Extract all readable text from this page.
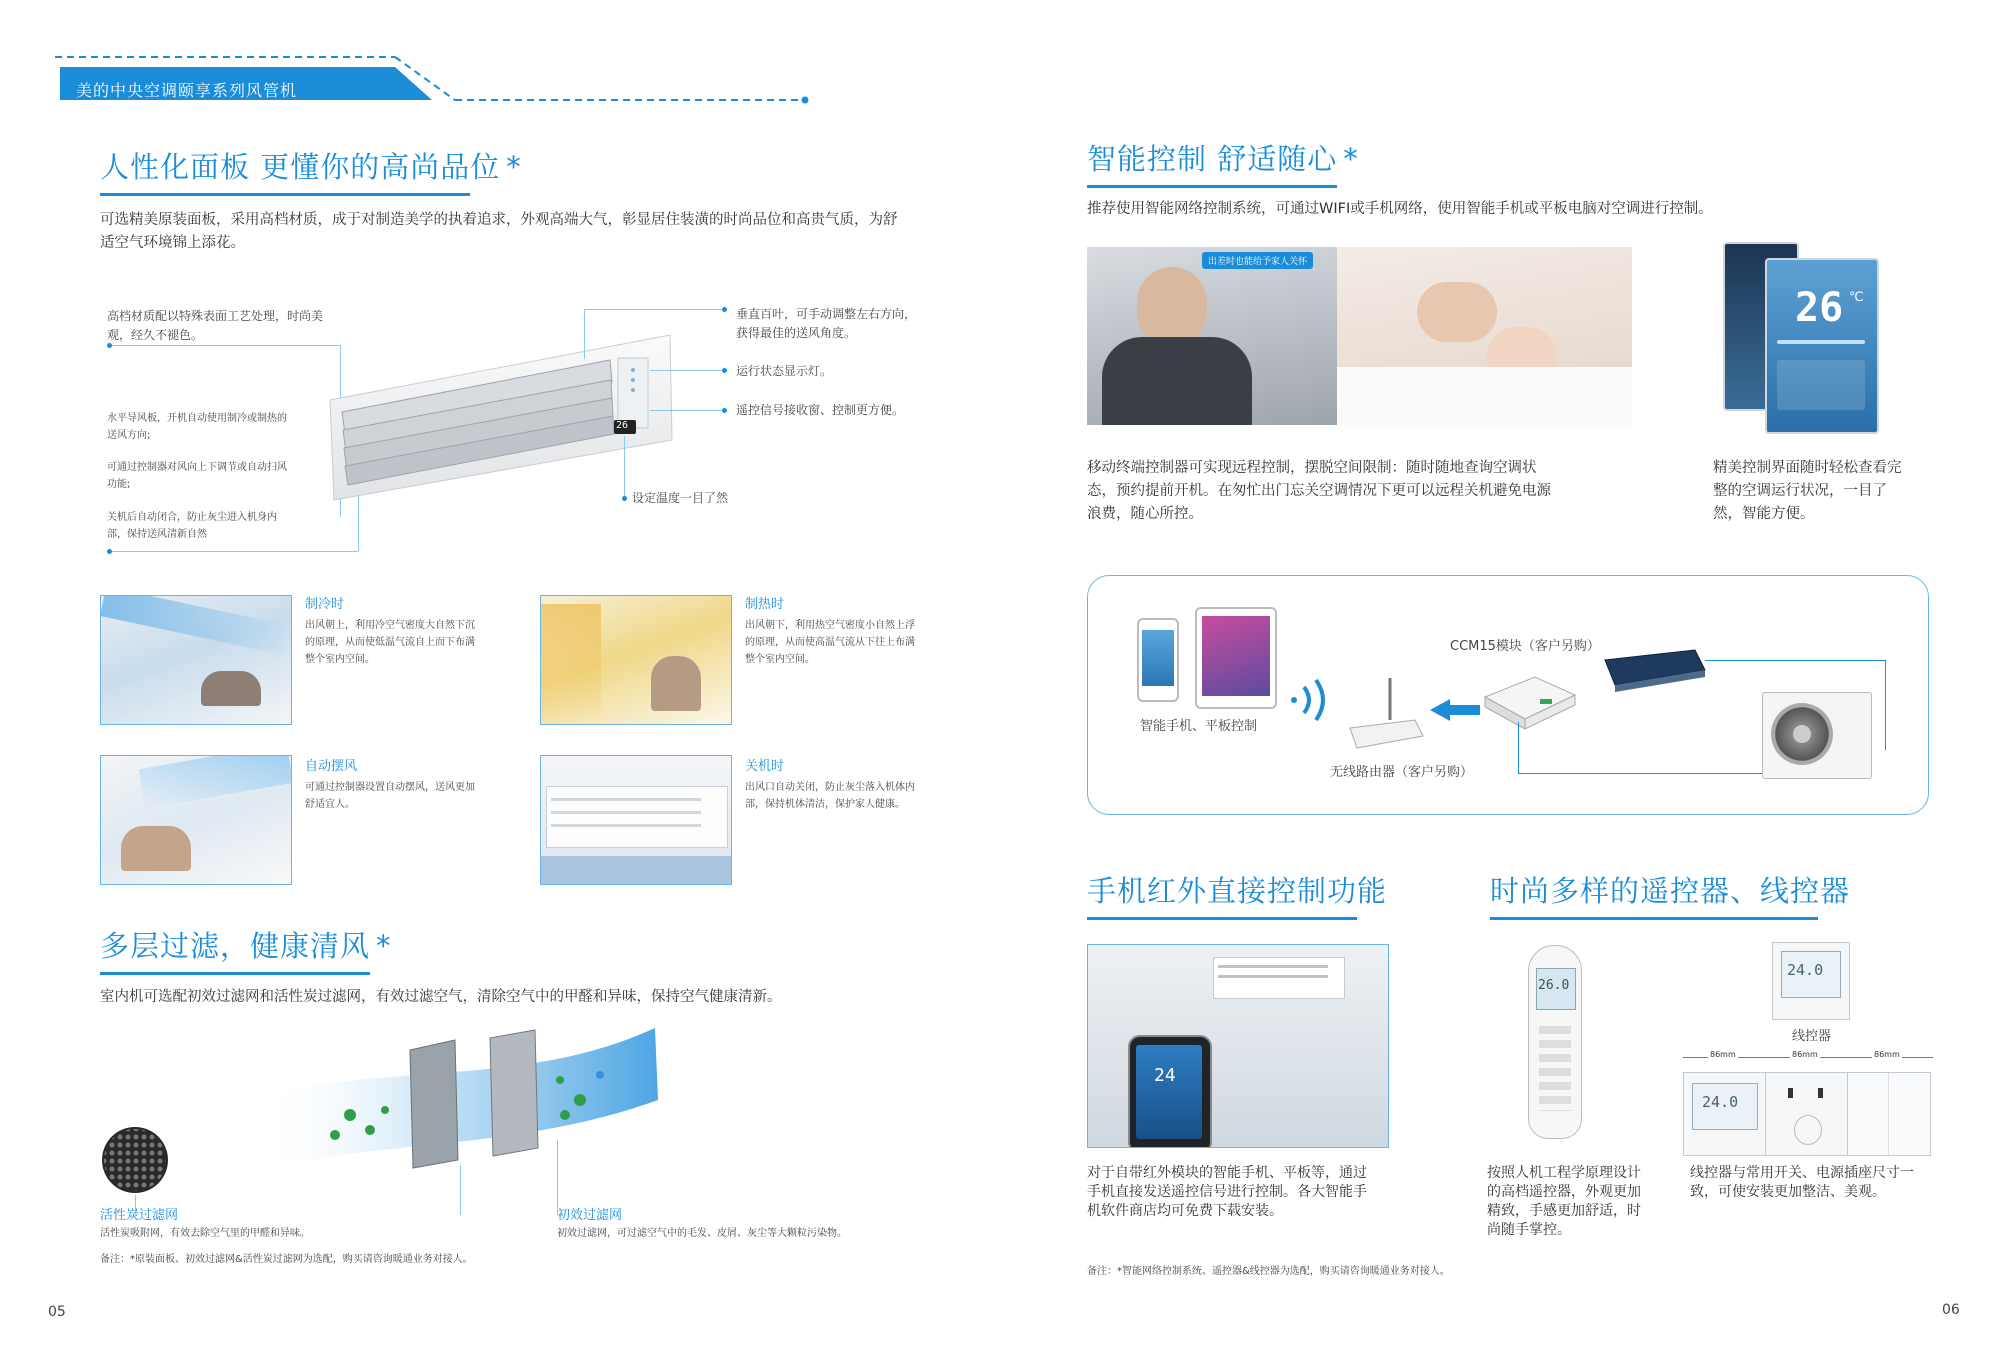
美的中央空调颐享系列风管机
人性化面板 更懂你的高尚品位 *
可选精美原装面板，采用高档材质，成于对制造美学的执着追求，外观高端大气，彰显居住装潢的时尚品位和高贵气质，为舒适空气环境锦上添花。
高档材质配以特殊表面工艺处理，时尚美观，经久不褪色。
水平导风板，开机自动使用制冷或制热的送风方向;
可通过控制器对风向上下调节或自动扫风功能;
关机后自动闭合，防止灰尘进入机身内部，保持送风清新自然
26
垂直百叶，可手动调整左右方向，获得最佳的送风角度。
运行状态显示灯。
遥控信号接收窗、控制更方便。
设定温度一目了然
制冷时
出风朝上，利用冷空气密度大自然下沉的原理，从而使低温气流自上而下布满整个室内空间。
制热时
出风朝下，利用热空气密度小自然上浮的原理，从而使高温气流从下往上布满整个室内空间。
自动摆风
可通过控制器设置自动摆风，送风更加舒适宜人。
关机时
出风口自动关闭，防止灰尘落入机体内部，保持机体清洁，保护家人健康。
多层过滤，健康清风 *
室内机可选配初效过滤网和活性炭过滤网，有效过滤空气，清除空气中的甲醛和异味，保持空气健康清新。
活性炭过滤网
活性炭吸附网，有效去除空气里的甲醛和异味。
初效过滤网
初效过滤网，可过滤空气中的毛发、皮屑、灰尘等大颗粒污染物。
备注：*原装面板、初效过滤网&活性炭过滤网为选配，购买请咨询暖通业务对接人。
05
智能控制 舒适随心 *
推荐使用智能网络控制系统，可通过WIFI或手机网络，使用智能手机或平板电脑对空调进行控制。
出差时也能给予家人关怀
26 ℃
移动终端控制器可实现远程控制，摆脱空间限制：随时随地查询空调状态，预约提前开机。在匆忙出门忘关空调情况下更可以远程关机避免电源浪费，随心所控。
精美控制界面随时轻松查看完整的空调运行状况，一目了然，智能方便。
智能手机、平板控制
无线路由器（客户另购）
CCM15模块（客户另购）
手机红外直接控制功能
24
对于自带红外模块的智能手机、平板等，通过手机直接发送遥控信号进行控制。各大智能手机软件商店均可免费下载安装。
时尚多样的遥控器、线控器
26.0
按照人机工程学原理设计的高档遥控器，外观更加精致，手感更加舒适，时尚随手掌控。
24.0
线控器
86mm	86mm	86mm
24.0
线控器与常用开关、电源插座尺寸一致，可使安装更加整洁、美观。
备注：*智能网络控制系统、遥控器&线控器为选配，购买请咨询暖通业务对接人。
06
